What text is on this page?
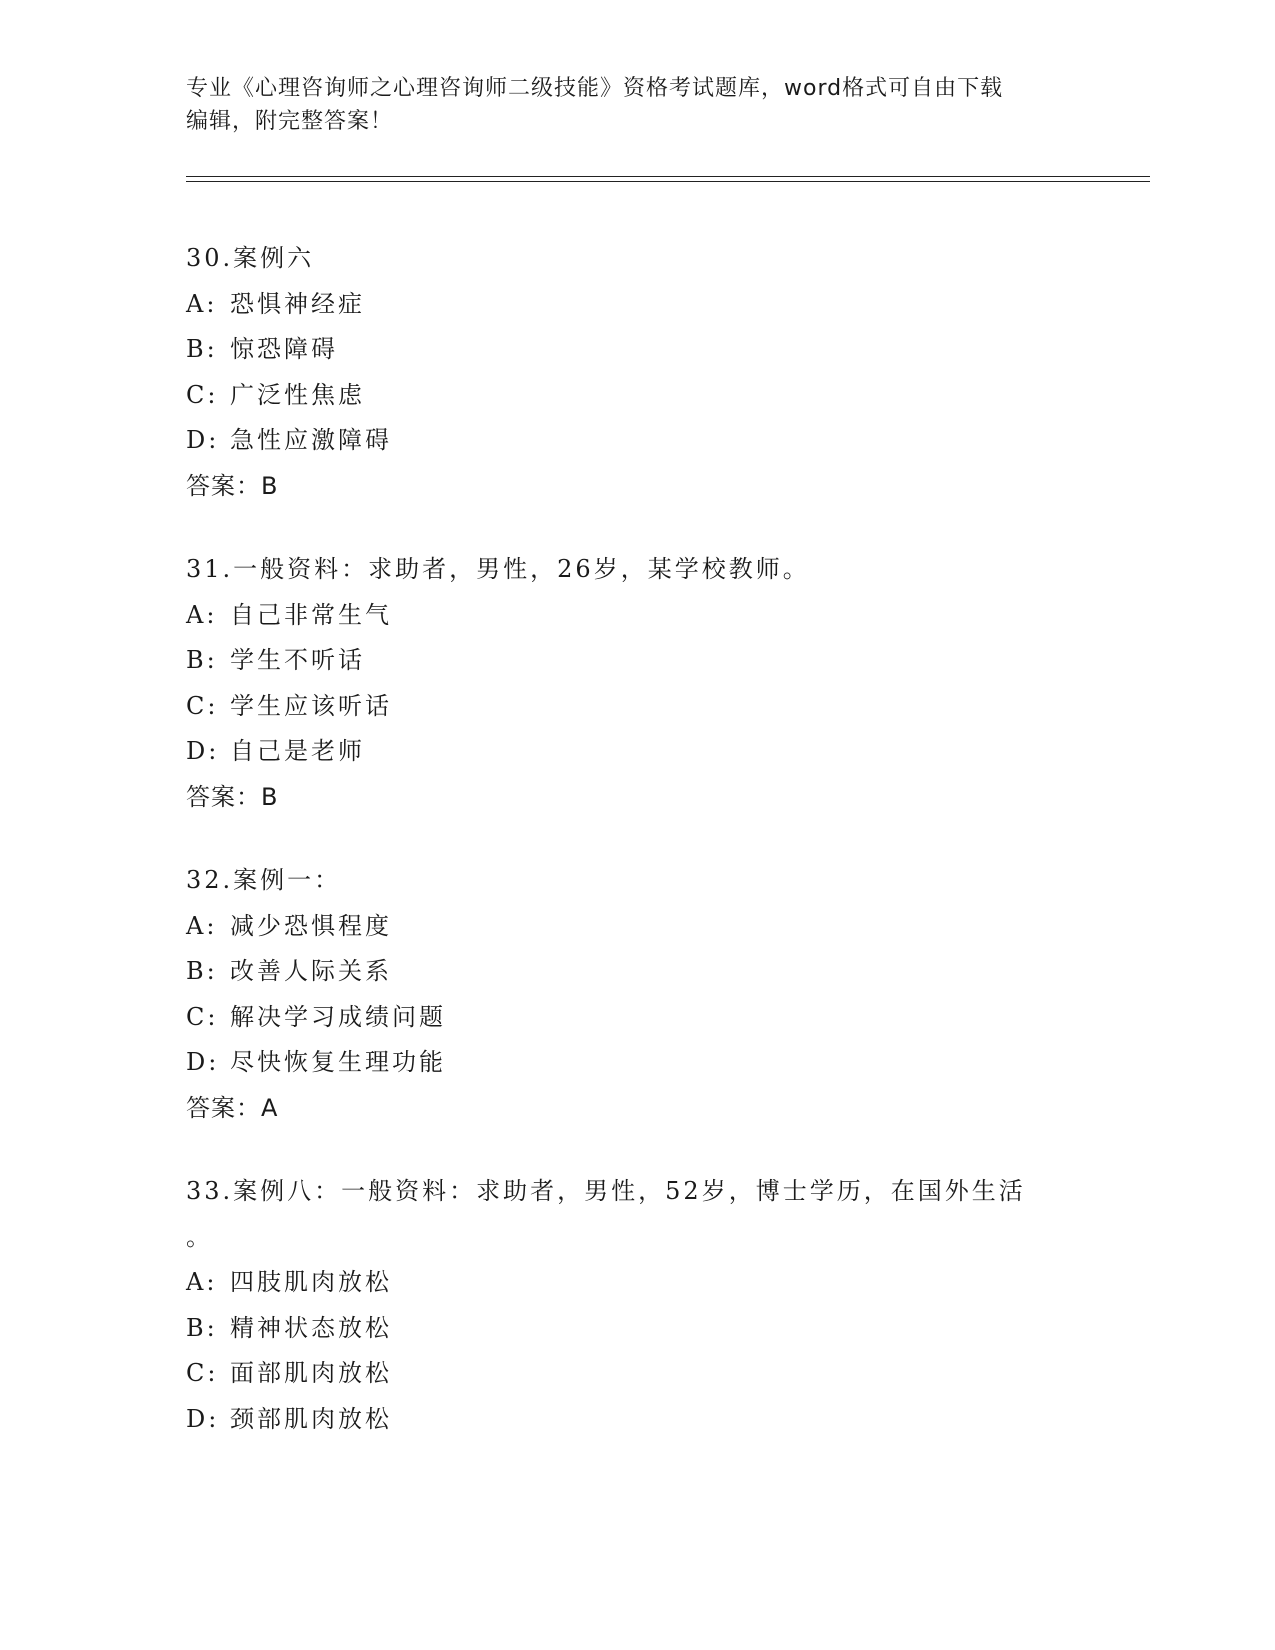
专业《心理咨询师之心理咨询师二级技能》资格考试题库，word格式可自由下载
编辑，附完整答案！
30.案例六
A: 恐惧神经症
B: 惊恐障碍
C: 广泛性焦虑
D: 急性应激障碍
答案：B
31.一般资料：求助者，男性，26岁，某学校教师。
A: 自己非常生气
B: 学生不听话
C: 学生应该听话
D: 自己是老师
答案：B
32.案例一：
A: 减少恐惧程度
B: 改善人际关系
C: 解决学习成绩问题
D: 尽快恢复生理功能
答案：A
33.案例八：一般资料：求助者，男性，52岁，博士学历，在国外生活
。
A: 四肢肌肉放松
B: 精神状态放松
C: 面部肌肉放松
D: 颈部肌肉放松
